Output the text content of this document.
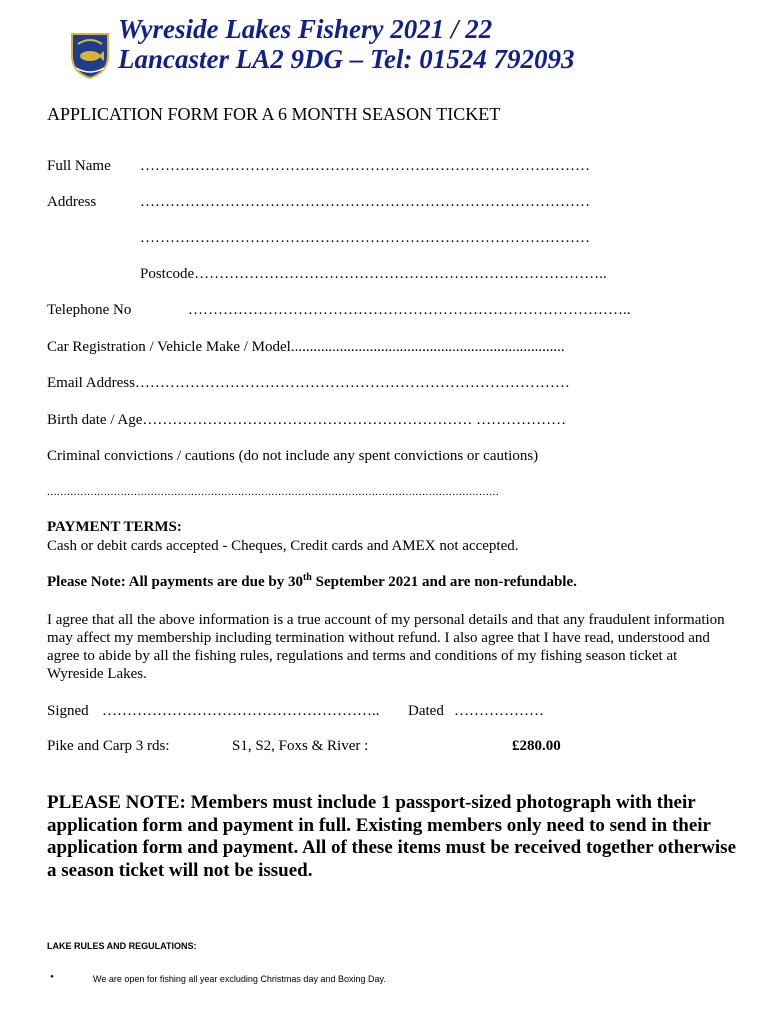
Wyreside Lakes Fishery 2021 / 22
Lancaster LA2 9DG – Tel: 01524 792093
APPLICATION FORM FOR A 6 MONTH SEASON TICKET
Full Name ………………………………………………………………………………
Address	………………………………………………………………………………
………………………………………………………………………………
Postcode………………………………………………………………………..
Telephone No	……………………………………………………………………………..
Car Registration / Vehicle Make / Model.........................................................................
Email Address……………………………………………………………………………
Birth date / Age………………………………………………………… ………………
Criminal convictions / cautions (do not include any spent convictions or cautions)
.......................................................................................................................................
PAYMENT TERMS:
Cash or debit cards accepted - Cheques, Credit cards and AMEX not accepted.
Please Note: All payments are due by 30th September 2021 and are non-refundable.
I agree that all the above information is a true account of my personal details and that any fraudulent information may affect my membership including termination without refund. I also agree that I have read, understood and agree to abide by all the fishing rules, regulations and terms and conditions of my fishing season ticket at Wyreside Lakes.
Signed ……………………………………………….. Dated ………………
Pike and Carp 3 rds:	S1, S2, Foxs & River :	£280.00
PLEASE NOTE: Members must include 1 passport-sized photograph with their application form and payment in full. Existing members only need to send in their application form and payment. All of these items must be received together otherwise a season ticket will not be issued.
LAKE RULES AND REGULATIONS:
•	We are open for fishing all year excluding Christmas day and Boxing Day.
